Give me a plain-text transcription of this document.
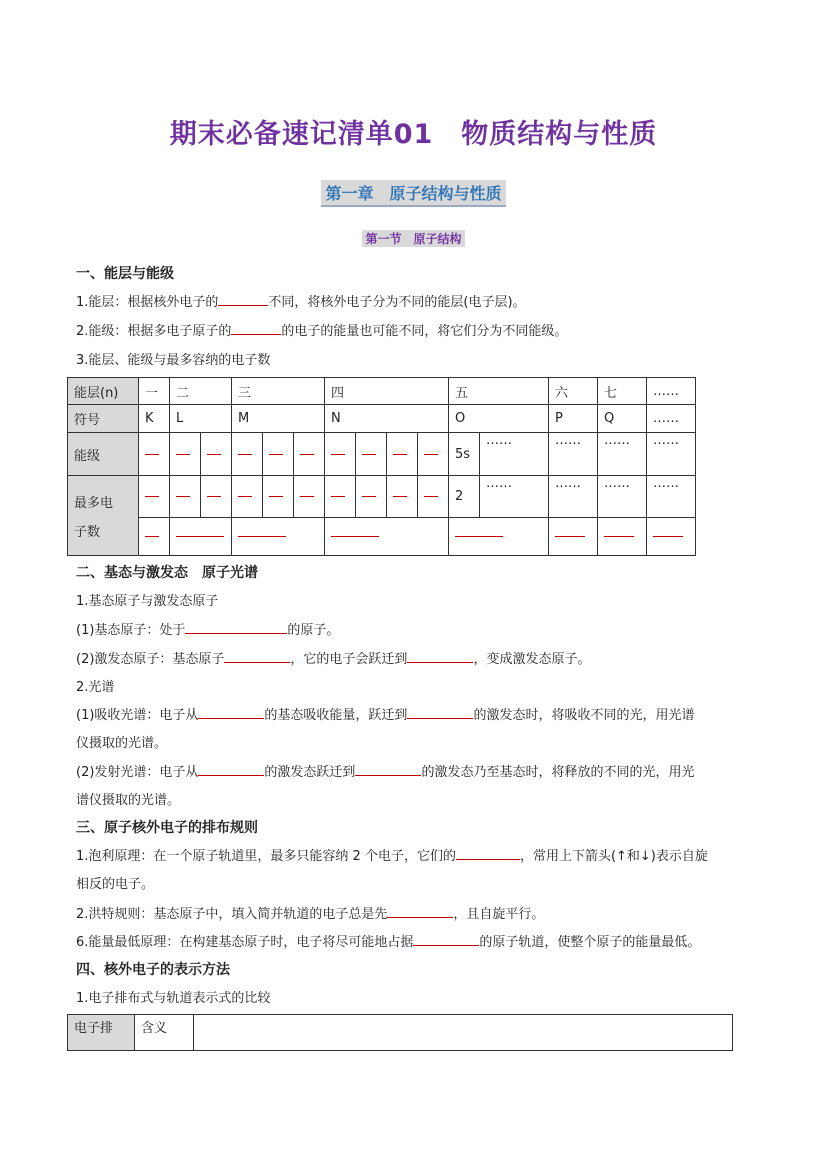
期末必备速记清单01　物质结构与性质
第一章　原子结构与性质
第一节　原子结构
一、能层与能级
1.能层：根据核外电子的	不同，将核外电子分为不同的能层(电子层)。
2.能级：根据多电子原子的	的电子的能量也可能不同，将它们分为不同能级。
3.能层、能级与最多容纳的电子数
能层(n)	一	二		三			四				五		六	七	……
符号	K	L		M			N				O		P	Q	……
能级											5s	……	……	……	……

最多电
子数											2	……	……	……	……

二、基态与激发态　原子光谱
1.基态原子与激发态原子
(1)基态原子：处于	的原子。
(2)激发态原子：基态原子	，它的电子会跃迁到	，变成激发态原子。
2.光谱
(1)吸收光谱：电子从	的基态吸收能量，跃迁到	的激发态时，将吸收不同的光，用光谱
仪摄取的光谱。
(2)发射光谱：电子从	的激发态跃迁到	的激发态乃至基态时，将释放的不同的光，用光
谱仪摄取的光谱。
三、原子核外电子的排布规则
1.泡利原理：在一个原子轨道里，最多只能容纳 2 个电子，它们的	，常用上下箭头(↑和↓)表示自旋
相反的电子。
2.洪特规则：基态原子中，填入简并轨道的电子总是先	，且自旋平行。
6.能量最低原理：在构建基态原子时，电子将尽可能地占据	的原子轨道，使整个原子的能量最低。
四、核外电子的表示方法
1.电子排布式与轨道表示式的比较
电子排	含义	
